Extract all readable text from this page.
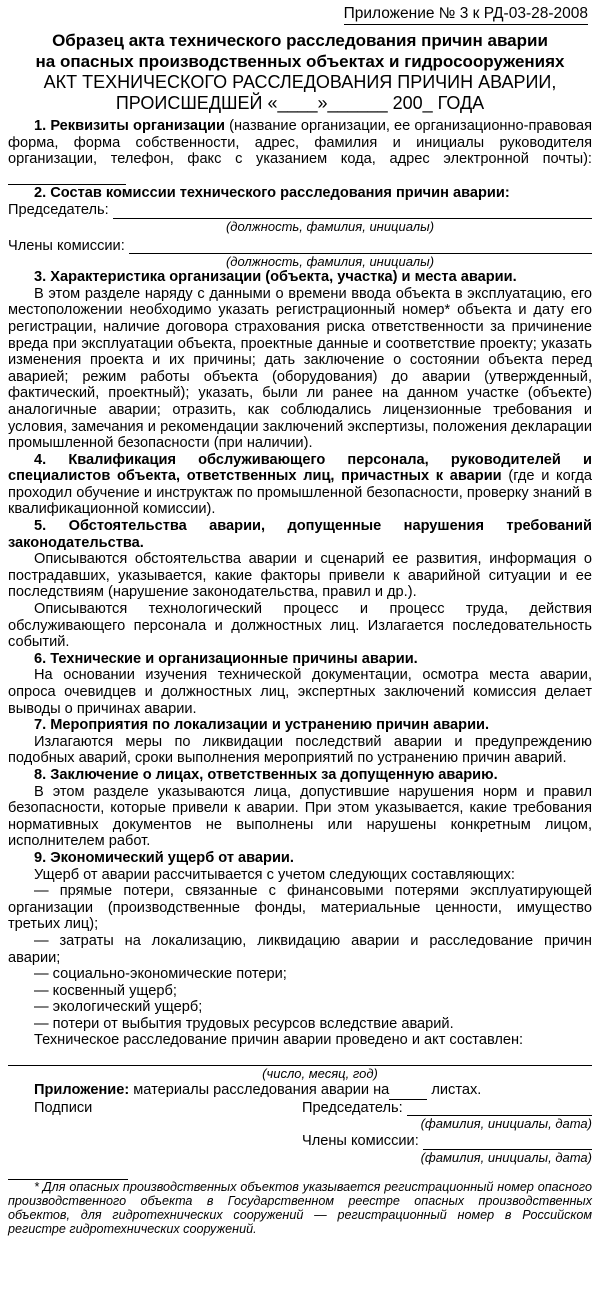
Приложение № 3 к РД-03-28-2008
Образец акта технического расследования причин аварии
на опасных производственных объектах и гидросооружениях
АКТ ТЕХНИЧЕСКОГО РАССЛЕДОВАНИЯ ПРИЧИН АВАРИИ,
ПРОИСШЕДШЕЙ «____»______ 200_ ГОДА

1. Реквизиты организации (название организации, ее организационно-правовая форма, форма собственности, адрес, фамилия и инициалы руководителя организации, телефон, факс с указанием кода, адрес электронной почты):

2. Состав комиссии технического расследования причин аварии:

Председатель:
(должность, фамилия, инициалы)
Члены комиссии:
(должность, фамилия, инициалы)

3. Характеристика организации (объекта, участка) и места аварии.

В этом разделе наряду с данными о времени ввода объекта в эксплуатацию, его местоположении необходимо указать регистрационный номер* объекта и дату его регистрации, наличие договора страхования риска ответственности за причинение вреда при эксплуатации объекта, проектные данные и соответствие проекту; указать изменения проекта и их причины; дать заключение о состоянии объекта перед аварией; режим работы объекта (оборудования) до аварии (утвержденный, фактический, проектный); указать, были ли ранее на данном участке (объекте) аналогичные аварии; отразить, как соблюдались лицензионные требования и условия, замечания и рекомендации заключений экспертизы, положения декларации промышленной безопасности (при наличии).

4. Квалификация обслуживающего персонала, руководителей и специалистов объекта, ответственных лиц, причастных к аварии (где и когда проходил обучение и инструктаж по промышленной безопасности, проверку знаний в квалификационной комиссии).

5. Обстоятельства аварии, допущенные нарушения требований законодательства.

Описываются обстоятельства аварии и сценарий ее развития, информация о пострадавших, указывается, какие факторы привели к аварийной ситуации и ее последствиям (нарушение законодательства, правил и др.).

Описываются технологический процесс и процесс труда, действия обслуживающего персонала и должностных лиц. Излагается последовательность событий.

6. Технические и организационные причины аварии.

На основании изучения технической документации, осмотра места аварии, опроса очевидцев и должностных лиц, экспертных заключений комиссия делает выводы о причинах аварии.

7. Мероприятия по локализации и устранению причин аварии.

Излагаются меры по ликвидации последствий аварии и предупреждению подобных аварий, сроки выполнения мероприятий по устранению причин аварий.

8. Заключение о лицах, ответственных за допущенную аварию.

В этом разделе указываются лица, допустившие нарушения норм и правил безопасности, которые привели к аварии. При этом указывается, какие требования нормативных документов не выполнены или нарушены конкретным лицом, исполнителем работ.

9. Экономический ущерб от аварии.

Ущерб от аварии рассчитывается с учетом следующих составляющих:

— прямые потери, связанные с финансовыми потерями эксплуатирующей организации (производственные фонды, материальные ценности, имущество третьих лиц);

— затраты на локализацию, ликвидацию аварии и расследование причин аварии;

— социально-экономические потери;

— косвенный ущерб;

— экологический ущерб;

— потери от выбытия трудовых ресурсов вследствие аварий.

Техническое расследование причин аварии проведено и акт составлен:

(число, месяц, год)

Приложение: материалы расследования аварии на	листах.

Подписи	Председатель:
(фамилия, инициалы, дата)
Члены комиссии:
(фамилия, инициалы, дата)

* Для опасных производственных объектов указывается регистрационный номер опасного производственного объекта в Государственном реестре опасных производственных объектов, для гидротехнических сооружений — регистрационный номер в Российском регистре гидротехнических сооружений.
